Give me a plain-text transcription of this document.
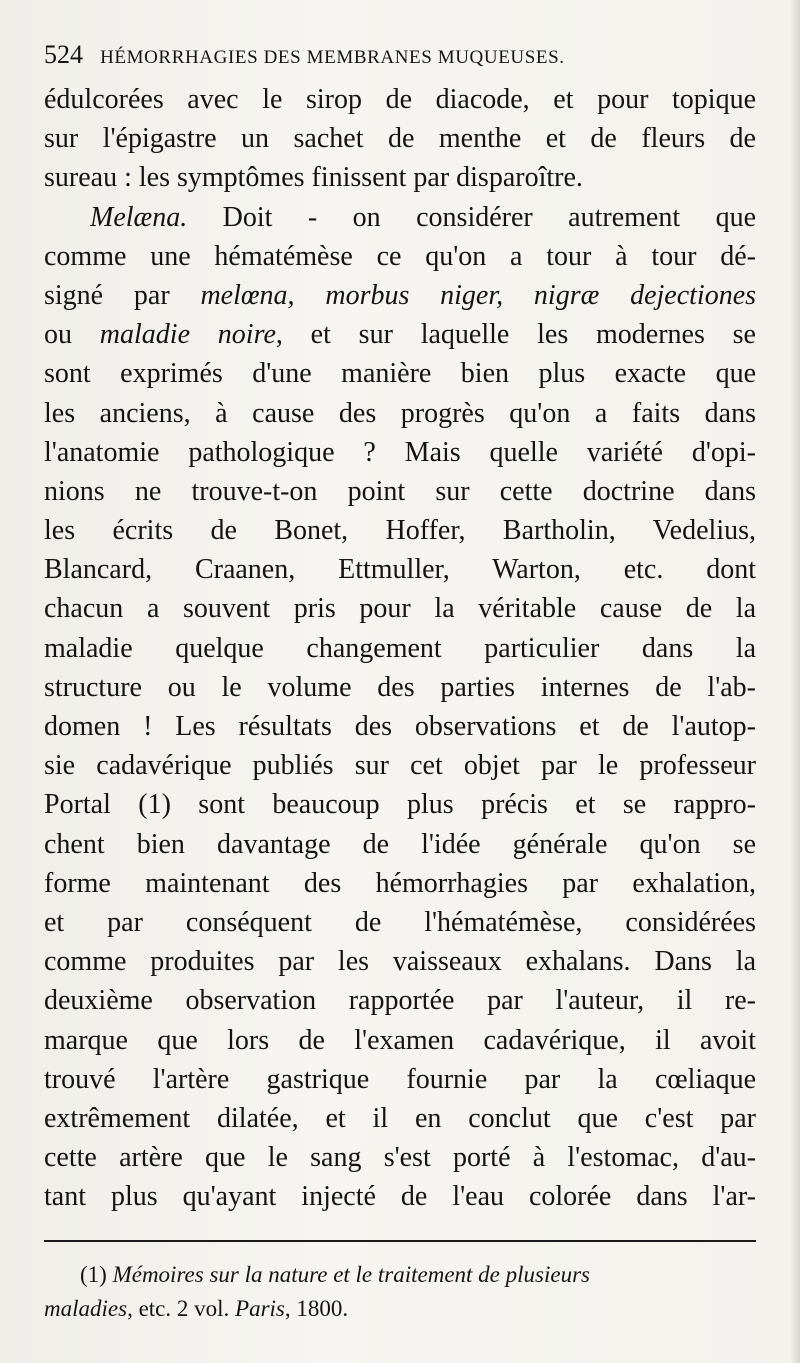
524 HÉMORRHAGIES DES MEMBRANES MUQUEUSES.
édulcorées avec le sirop de diacode, et pour topique
sur l'épigastre un sachet de menthe et de fleurs de
sureau : les symptômes finissent par disparoître.
Melæna. Doit - on considérer autrement que
comme une hématémèse ce qu'on a tour à tour dé-
signé par melœna, morbus niger, nigræ dejectiones
ou maladie noire, et sur laquelle les modernes se
sont exprimés d'une manière bien plus exacte que
les anciens, à cause des progrès qu'on a faits dans
l'anatomie pathologique ? Mais quelle variété d'opi-
nions ne trouve-t-on point sur cette doctrine dans
les écrits de Bonet, Hoffer, Bartholin, Vedelius,
Blancard, Craanen, Ettmuller, Warton, etc. dont
chacun a souvent pris pour la véritable cause de la
maladie quelque changement particulier dans la
structure ou le volume des parties internes de l'ab-
domen ! Les résultats des observations et de l'autop-
sie cadavérique publiés sur cet objet par le professeur
Portal (1) sont beaucoup plus précis et se rappro-
chent bien davantage de l'idée générale qu'on se
forme maintenant des hémorrhagies par exhalation,
et par conséquent de l'hématémèse, considérées
comme produites par les vaisseaux exhalans. Dans la
deuxième observation rapportée par l'auteur, il re-
marque que lors de l'examen cadavérique, il avoit
trouvé l'artère gastrique fournie par la cœliaque
extrêmement dilatée, et il en conclut que c'est par
cette artère que le sang s'est porté à l'estomac, d'au-
tant plus qu'ayant injecté de l'eau colorée dans l'ar-
(1) Mémoires sur la nature et le traitement de plusieurs
maladies, etc. 2 vol. Paris, 1800.
